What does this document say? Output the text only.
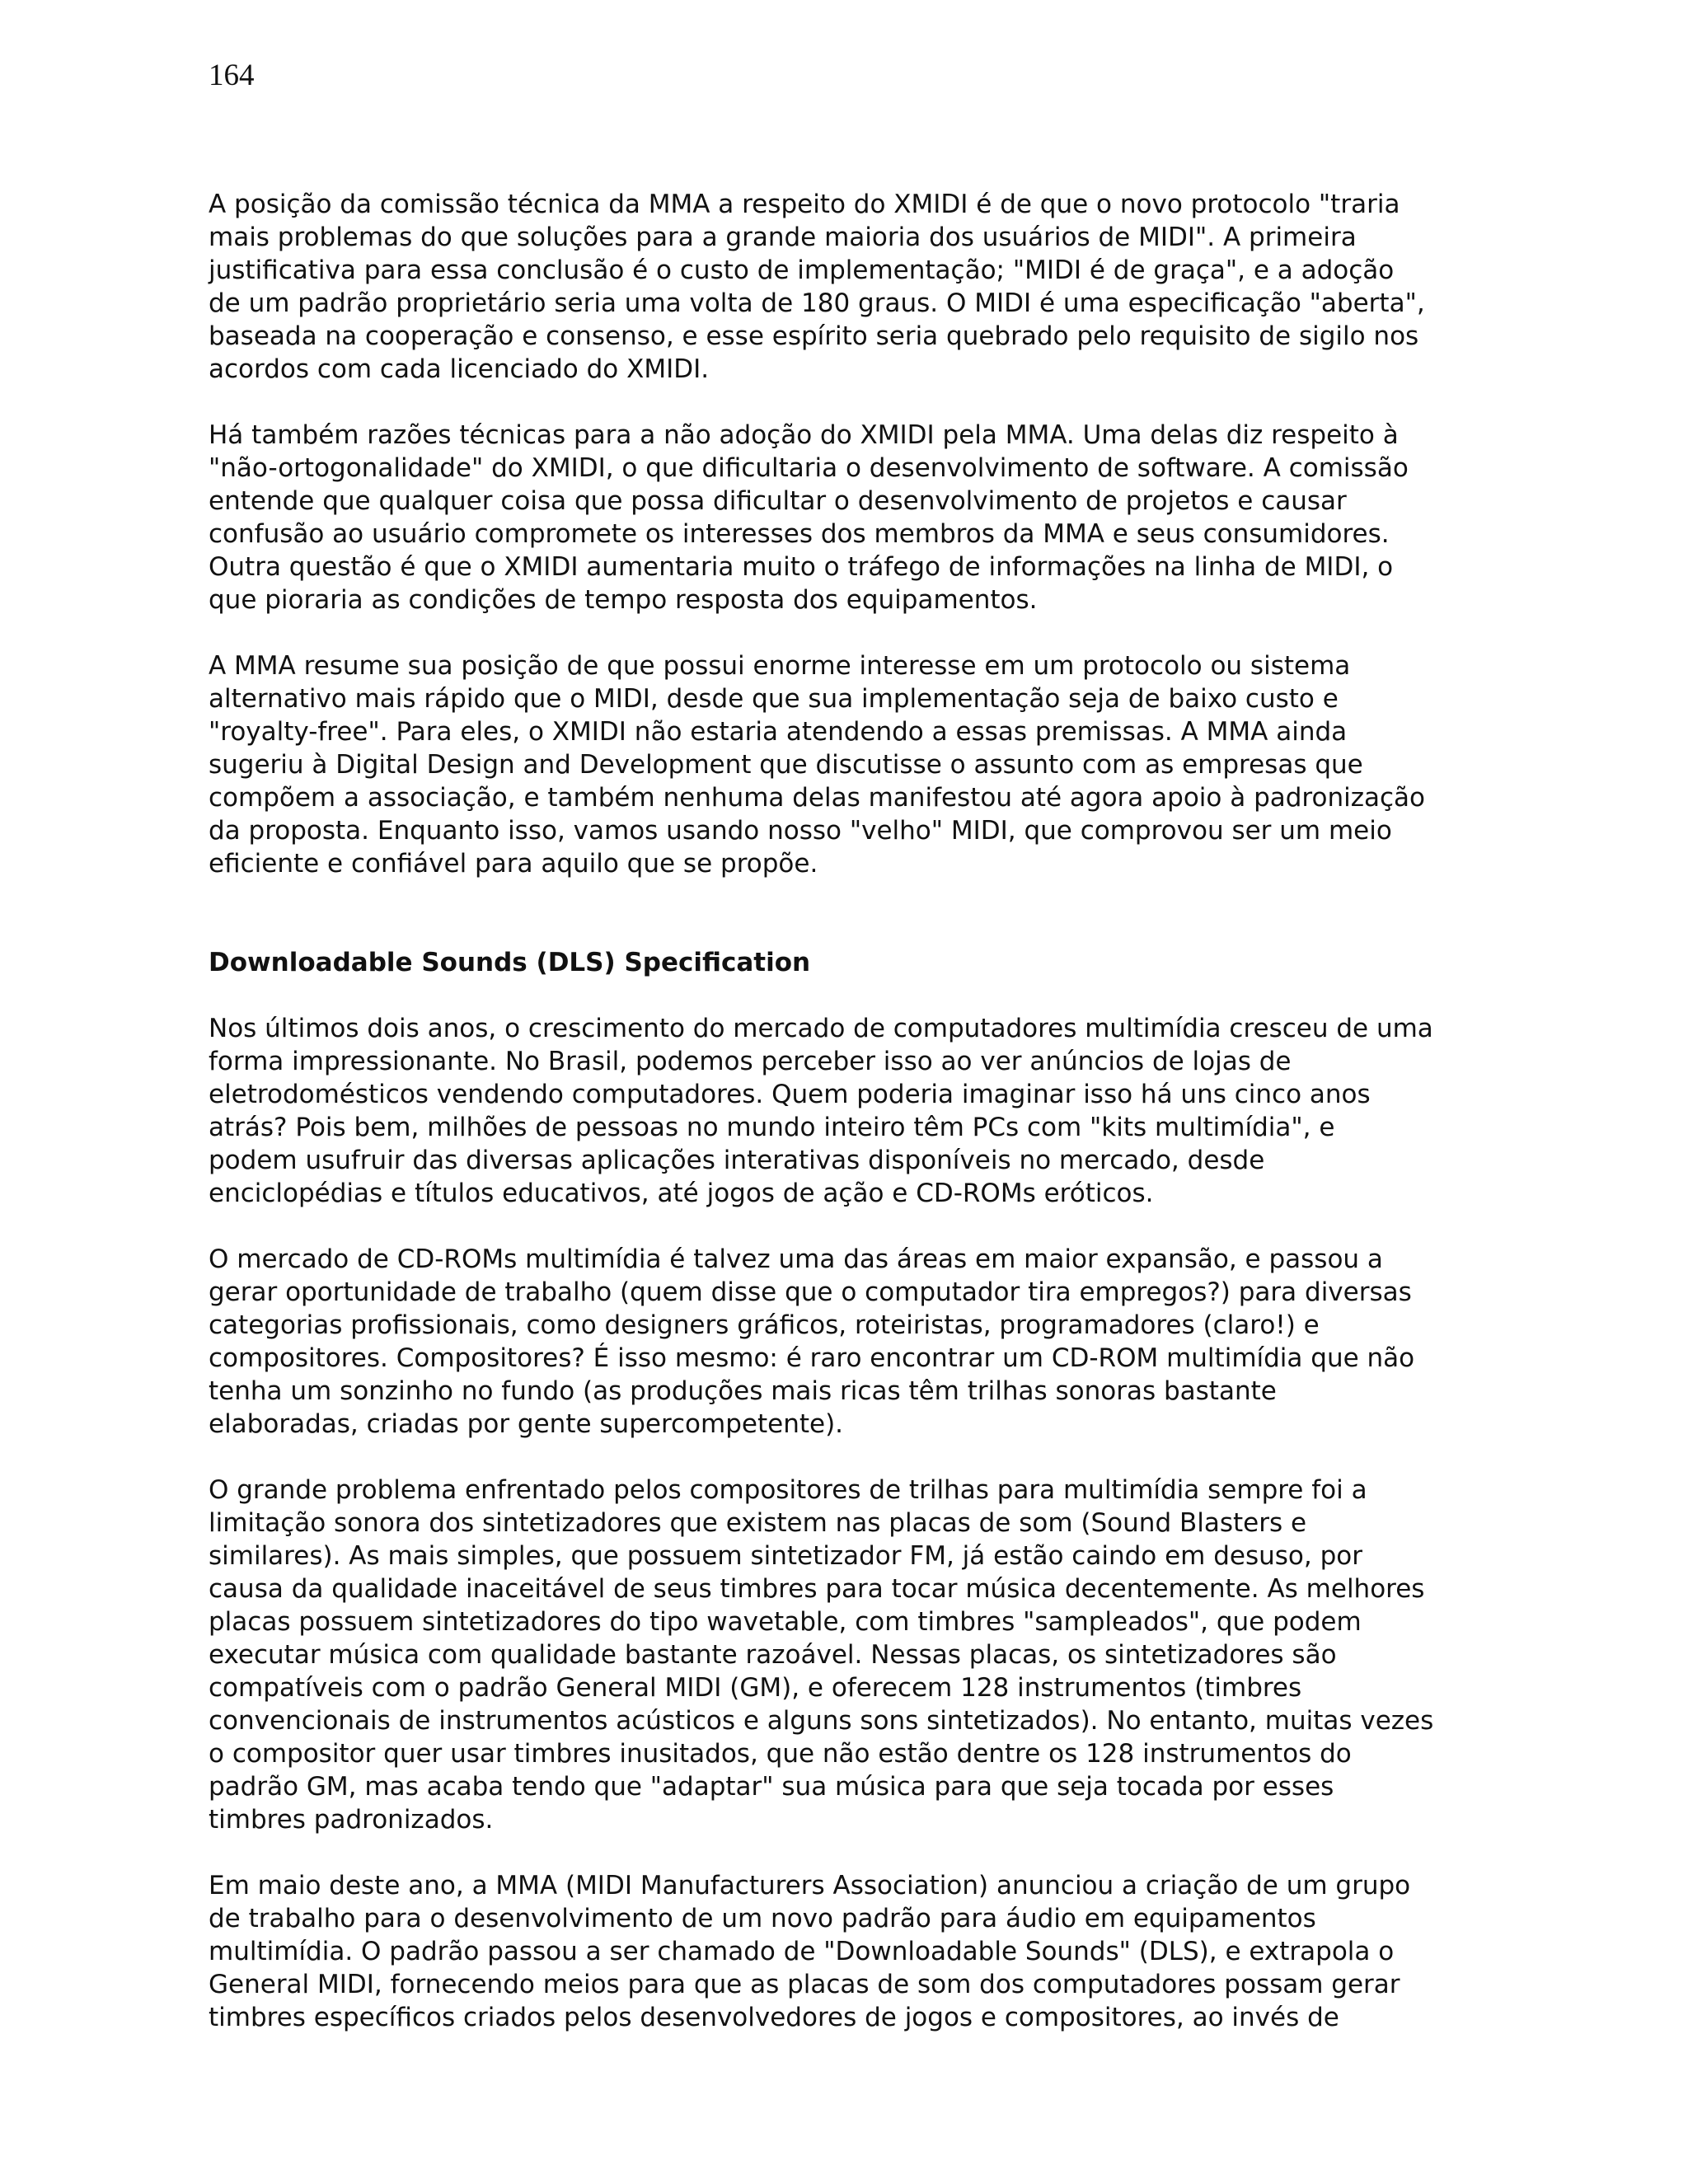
164

A posição da comissão técnica da MMA a respeito do XMIDI é de que o novo protocolo "traria
mais problemas do que soluções para a grande maioria dos usuários de MIDI". A primeira
justificativa para essa conclusão é o custo de implementação; "MIDI é de graça", e a adoção
de um padrão proprietário seria uma volta de 180 graus. O MIDI é uma especificação "aberta",
baseada na cooperação e consenso, e esse espírito seria quebrado pelo requisito de sigilo nos
acordos com cada licenciado do XMIDI.

Há também razões técnicas para a não adoção do XMIDI pela MMA. Uma delas diz respeito à
"não-ortogonalidade" do XMIDI, o que dificultaria o desenvolvimento de software. A comissão
entende que qualquer coisa que possa dificultar o desenvolvimento de projetos e causar
confusão ao usuário compromete os interesses dos membros da MMA e seus consumidores.
Outra questão é que o XMIDI aumentaria muito o tráfego de informações na linha de MIDI, o
que pioraria as condições de tempo resposta dos equipamentos.

A MMA resume sua posição de que possui enorme interesse em um protocolo ou sistema
alternativo mais rápido que o MIDI, desde que sua implementação seja de baixo custo e
"royalty-free". Para eles, o XMIDI não estaria atendendo a essas premissas. A MMA ainda
sugeriu à Digital Design and Development que discutisse o assunto com as empresas que
compõem a associação, e também nenhuma delas manifestou até agora apoio à padronização
da proposta. Enquanto isso, vamos usando nosso "velho" MIDI, que comprovou ser um meio
eficiente e confiável para aquilo que se propõe.

Downloadable Sounds (DLS) Specification

Nos últimos dois anos, o crescimento do mercado de computadores multimídia cresceu de uma
forma impressionante. No Brasil, podemos perceber isso ao ver anúncios de lojas de
eletrodomésticos vendendo computadores. Quem poderia imaginar isso há uns cinco anos
atrás? Pois bem, milhões de pessoas no mundo inteiro têm PCs com "kits multimídia", e
podem usufruir das diversas aplicações interativas disponíveis no mercado, desde
enciclopédias e títulos educativos, até jogos de ação e CD-ROMs eróticos.

O mercado de CD-ROMs multimídia é talvez uma das áreas em maior expansão, e passou a
gerar oportunidade de trabalho (quem disse que o computador tira empregos?) para diversas
categorias profissionais, como designers gráficos, roteiristas, programadores (claro!) e
compositores. Compositores? É isso mesmo: é raro encontrar um CD-ROM multimídia que não
tenha um sonzinho no fundo (as produções mais ricas têm trilhas sonoras bastante
elaboradas, criadas por gente supercompetente).

O grande problema enfrentado pelos compositores de trilhas para multimídia sempre foi a
limitação sonora dos sintetizadores que existem nas placas de som (Sound Blasters e
similares). As mais simples, que possuem sintetizador FM, já estão caindo em desuso, por
causa da qualidade inaceitável de seus timbres para tocar música decentemente. As melhores
placas possuem sintetizadores do tipo wavetable, com timbres "sampleados", que podem
executar música com qualidade bastante razoável. Nessas placas, os sintetizadores são
compatíveis com o padrão General MIDI (GM), e oferecem 128 instrumentos (timbres
convencionais de instrumentos acústicos e alguns sons sintetizados). No entanto, muitas vezes
o compositor quer usar timbres inusitados, que não estão dentre os 128 instrumentos do
padrão GM, mas acaba tendo que "adaptar" sua música para que seja tocada por esses
timbres padronizados.

Em maio deste ano, a MMA (MIDI Manufacturers Association) anunciou a criação de um grupo
de trabalho para o desenvolvimento de um novo padrão para áudio em equipamentos
multimídia. O padrão passou a ser chamado de "Downloadable Sounds" (DLS), e extrapola o
General MIDI, fornecendo meios para que as placas de som dos computadores possam gerar
timbres específicos criados pelos desenvolvedores de jogos e compositores, ao invés de
